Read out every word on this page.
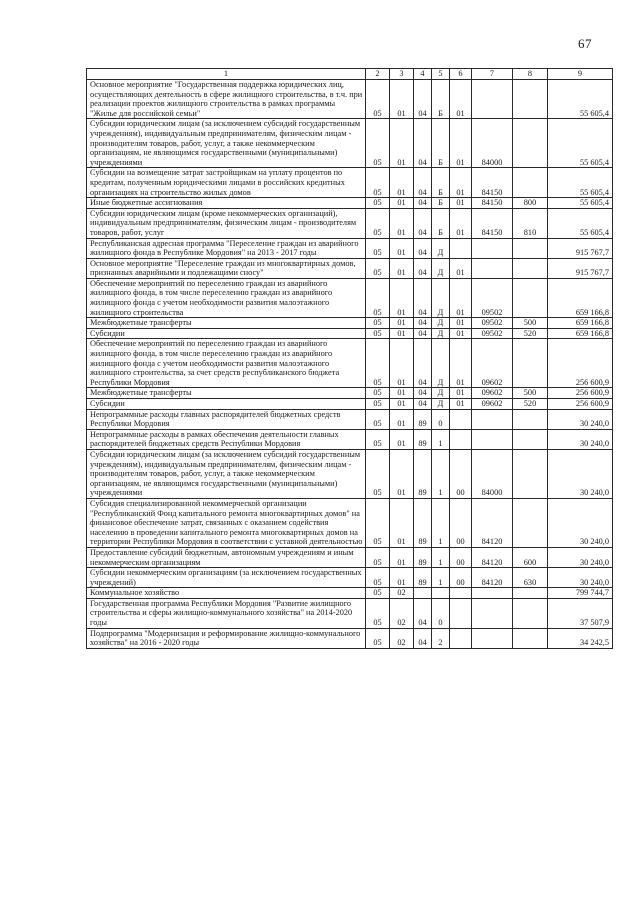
67
1	2	3	4	5	6	7	8	9
Основное мероприятие "Государственная поддержка юридических лиц, осуществляющих деятельность в сфере жилищного строительства, в т.ч. при реализации проектов жилищного строительства в рамках программы "Жилье для российской семьи"	05	01	04	Б	01			55 605,4
Субсидии юридическим лицам (за исключением субсидий государственным учреждениям), индивидуальным предпринимателям, физическим лицам - производителям товаров, работ, услуг, а также некоммерческим организациям, не являющимся государственными (муниципальными) учреждениями	05	01	04	Б	01	84000		55 605,4
Субсидии на возмещение затрат застройщикам на уплату процентов по кредитам, полученным юридическими лицами в российских кредитных организациях на строительство жилых домов	05	01	04	Б	01	84150		55 605,4
Иные бюджетные ассигнования	05	01	04	Б	01	84150	800	55 605,4
Субсидии юридическим лицам (кроме некоммерческих организаций), индивидуальным предпринимателям, физическим лицам - производителям товаров, работ, услуг	05	01	04	Б	01	84150	810	55 605,4
Республиканская адресная программа "Переселение граждан из аварийного жилищного фонда в Республике Мордовия" на 2013 - 2017 годы	05	01	04	Д				915 767,7
Основное мероприятие "Переселение граждан из многоквартирных домов, признанных аварийными и подлежащими сносу"	05	01	04	Д	01			915 767,7
Обеспечение мероприятий по переселению граждан из аварийного жилищного фонда, в том числе переселению граждан из аварийного жилищного фонда с учетом необходимости развития малоэтажного жилищного строительства	05	01	04	Д	01	09502		659 166,8
Межбюджетные трансферты	05	01	04	Д	01	09502	500	659 166,8
Субсидии	05	01	04	Д	01	09502	520	659 166,8
Обеспечение мероприятий по переселению граждан из аварийного жилищного фонда, в том числе переселению граждан из аварийного жилищного фонда с учетом необходимости развития малоэтажного жилищного строительства, за счет средств республиканского бюджета Республики Мордовия	05	01	04	Д	01	09602		256 600,9
Межбюджетные трансферты	05	01	04	Д	01	09602	500	256 600,9
Субсидии	05	01	04	Д	01	09602	520	256 600,9
Непрограммные расходы главных распорядителей бюджетных средств Республики Мордовия	05	01	89	0				30 240,0
Непрограммные расходы в рамках обеспечения деятельности главных распорядителей бюджетных средств Республики Мордовия	05	01	89	1				30 240,0
Субсидии юридическим лицам (за исключением субсидий государственным учреждениям), индивидуальным предпринимателям, физическим лицам - производителям товаров, работ, услуг, а также некоммерческим организациям, не являющимся государственными (муниципальными) учреждениями	05	01	89	1	00	84000		30 240,0
Субсидия специализированной некоммерческой организации "Республиканский Фонд капитального ремонта многоквартирных домов" на финансовое обеспечение затрат, связанных с оказанием содействия населению в проведении капитального ремонта многоквартирных домов на территории Республики Мордовия в соответствии с уставной деятельностью	05	01	89	1	00	84120		30 240,0
Предоставление субсидий бюджетным, автономным учреждениям и иным некоммерческим организациям	05	01	89	1	00	84120	600	30 240,0
Субсидии некоммерческим организациям (за исключением государственных учреждений)	05	01	89	1	00	84120	630	30 240,0
Коммунальное хозяйство	05	02						799 744,7
Государственная программа Республики Мордовия "Развитие жилищного строительства и сферы жилищно-коммунального хозяйства" на 2014-2020 годы	05	02	04	0				37 507,9
Подпрограмма "Модернизация и реформирование жилищно-коммунального хозяйства" на 2016 - 2020 годы	05	02	04	2				34 242,5
